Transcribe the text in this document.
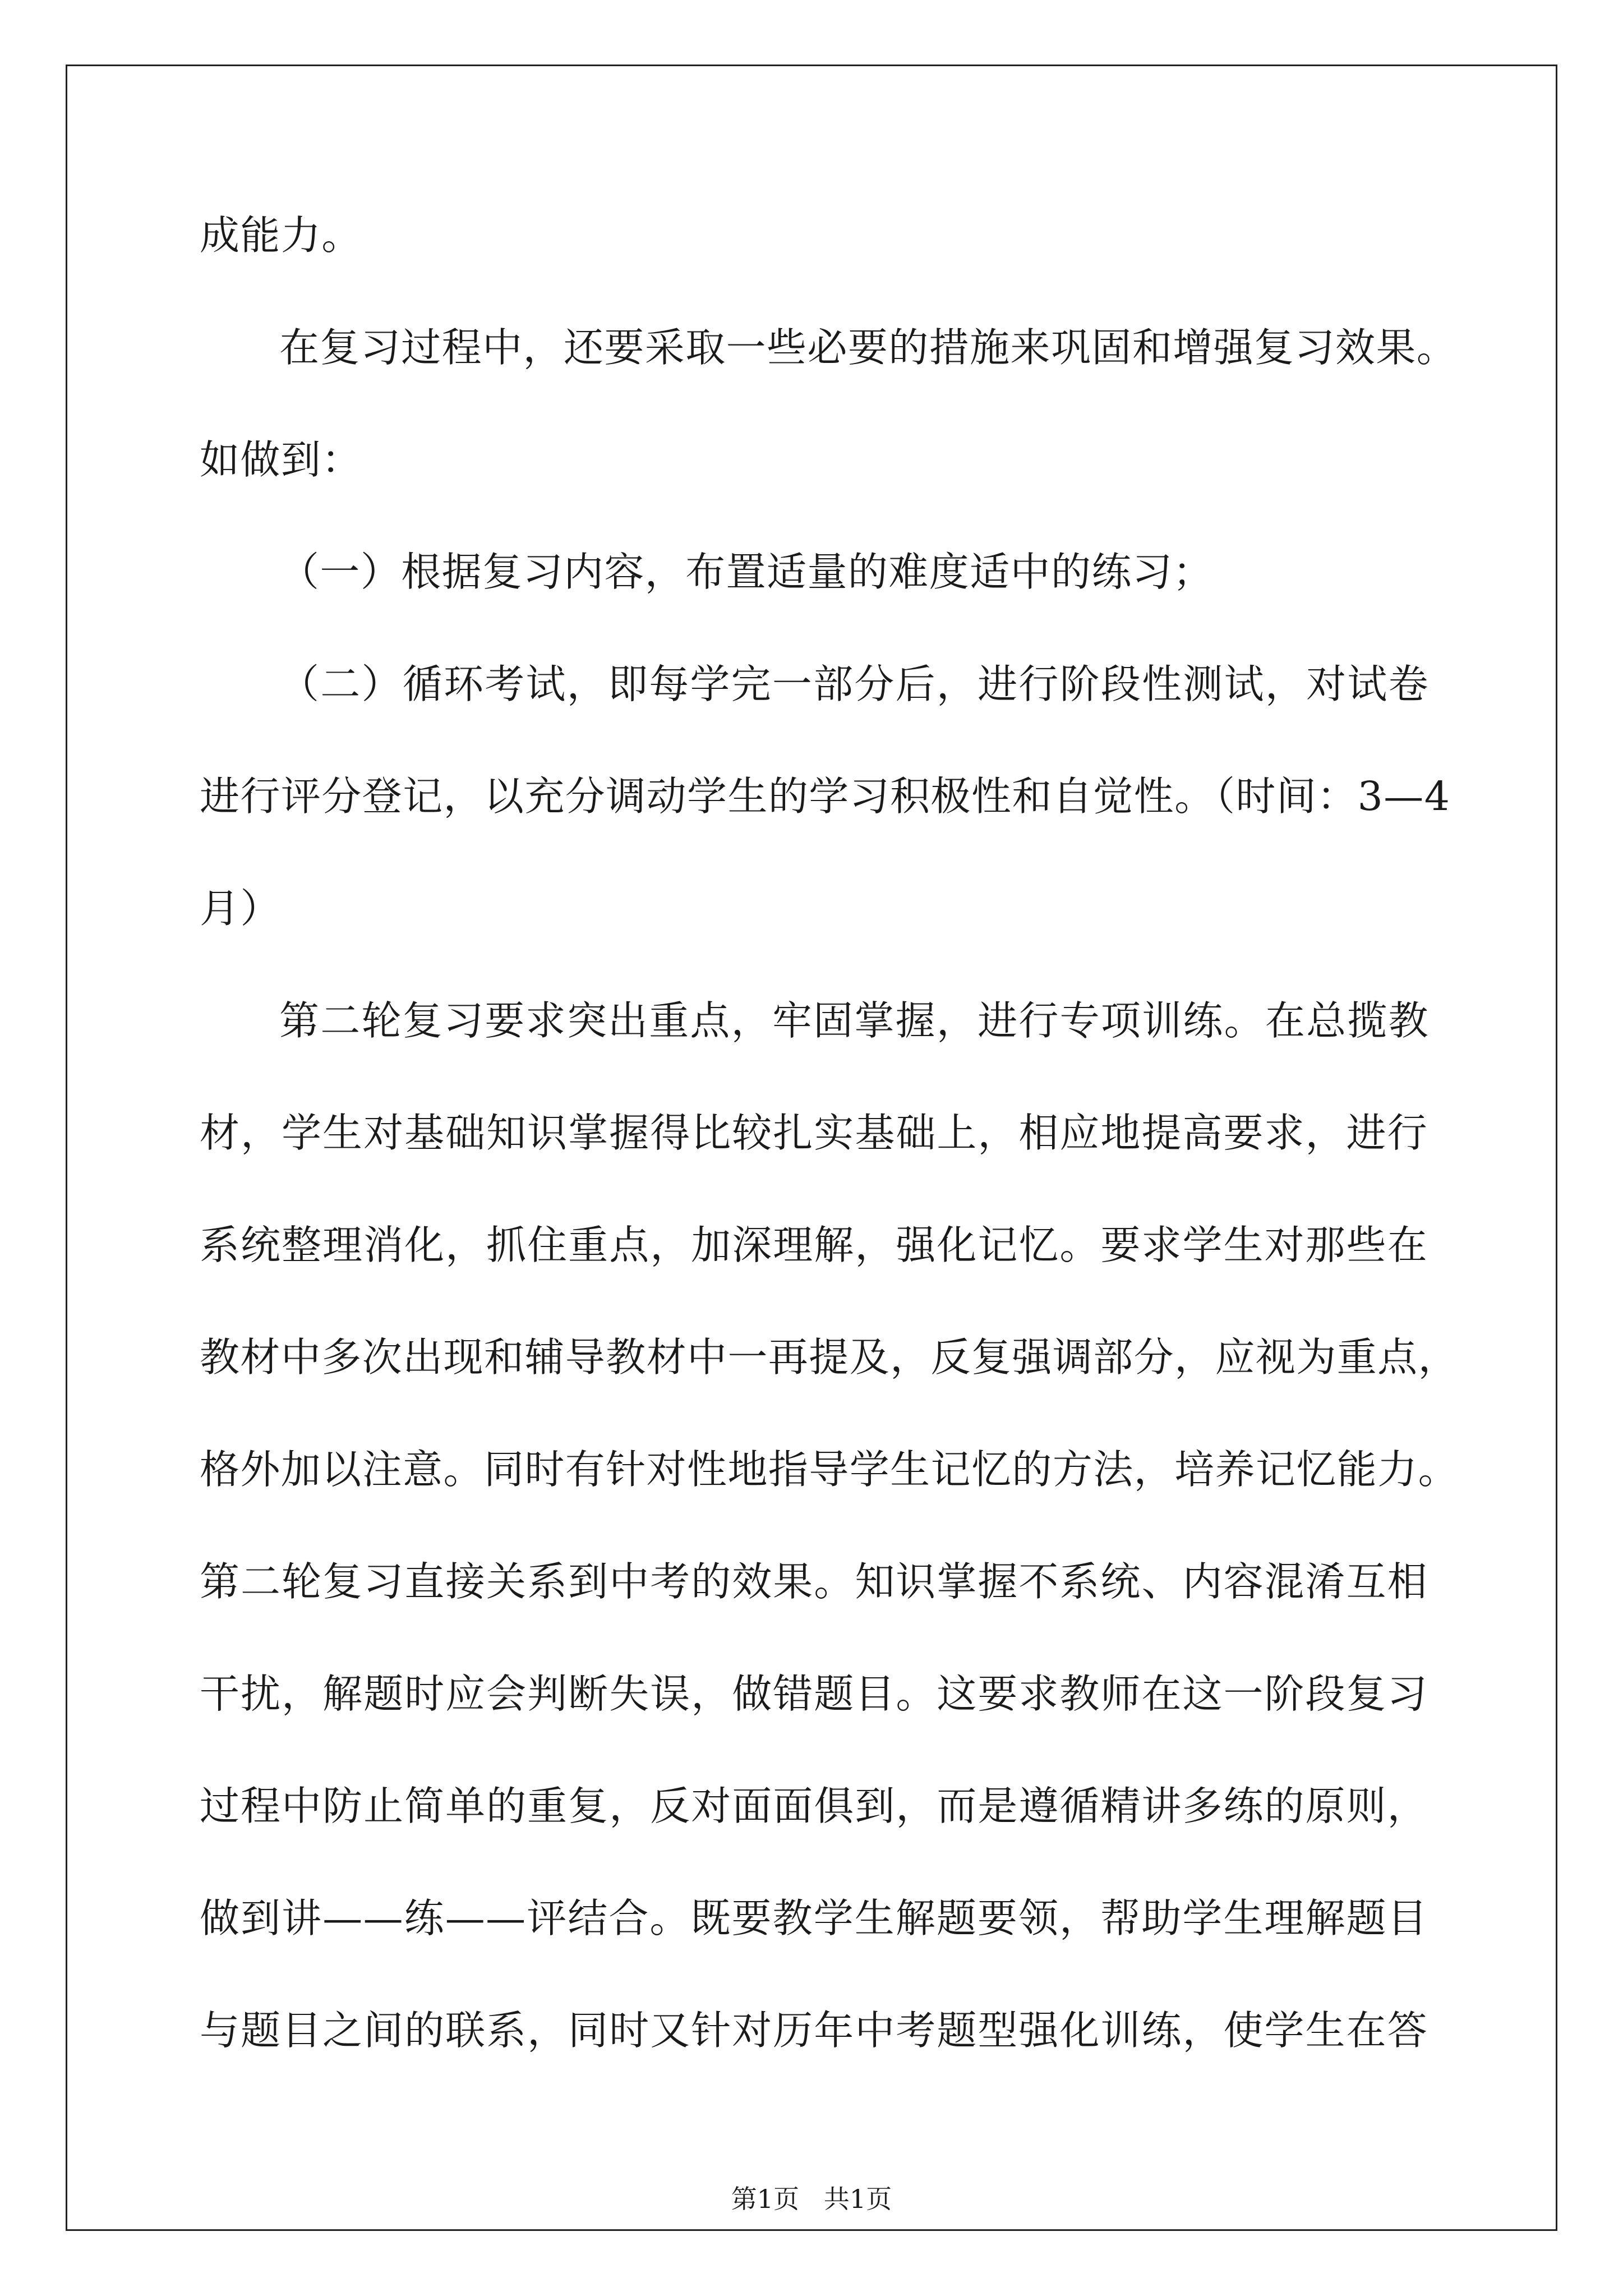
成能力。
在复习过程中，还要采取一些必要的措施来巩固和增强复习效果。
如做到：
（一）根据复习内容，布置适量的难度适中的练习；
（二）循环考试，即每学完一部分后，进行阶段性测试，对试卷
进行评分登记，以充分调动学生的学习积极性和自觉性。（时间：3—4
月）
第二轮复习要求突出重点，牢固掌握，进行专项训练。在总揽教
材，学生对基础知识掌握得比较扎实基础上，相应地提高要求，进行
系统整理消化，抓住重点，加深理解，强化记忆。要求学生对那些在
教材中多次出现和辅导教材中一再提及，反复强调部分，应视为重点，
格外加以注意。同时有针对性地指导学生记忆的方法，培养记忆能力。
第二轮复习直接关系到中考的效果。知识掌握不系统、内容混淆互相
干扰，解题时应会判断失误，做错题目。这要求教师在这一阶段复习
过程中防止简单的重复，反对面面俱到，而是遵循精讲多练的原则，
做到讲——练——评结合。既要教学生解题要领，帮助学生理解题目
与题目之间的联系，同时又针对历年中考题型强化训练，使学生在答
第1页   共1页
